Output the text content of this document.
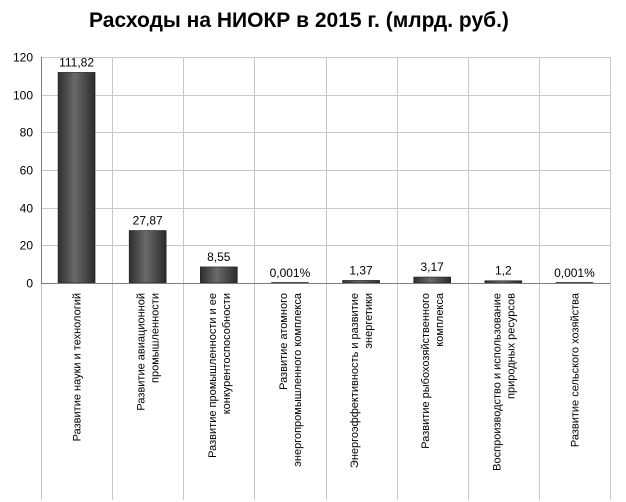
Расходы на НИОКР в 2015 г. (млрд. руб.)
0
20
40
60
80
100
120 111,82
27,87
8,55
0,001%	1,37	3,17	1,2	0,001%
Развитие науки и технологий	Развитие авиационной промышленности	Развитие промышленности и ее конкурентоспособности	Развитие атомного энергопромышленного комплекса	Энергоэффективность и развитие энергетики	Развитие рыбохозяйственного комплекса	Воспроизводство и использование природных ресурсов	Развитие сельского хозяйства
